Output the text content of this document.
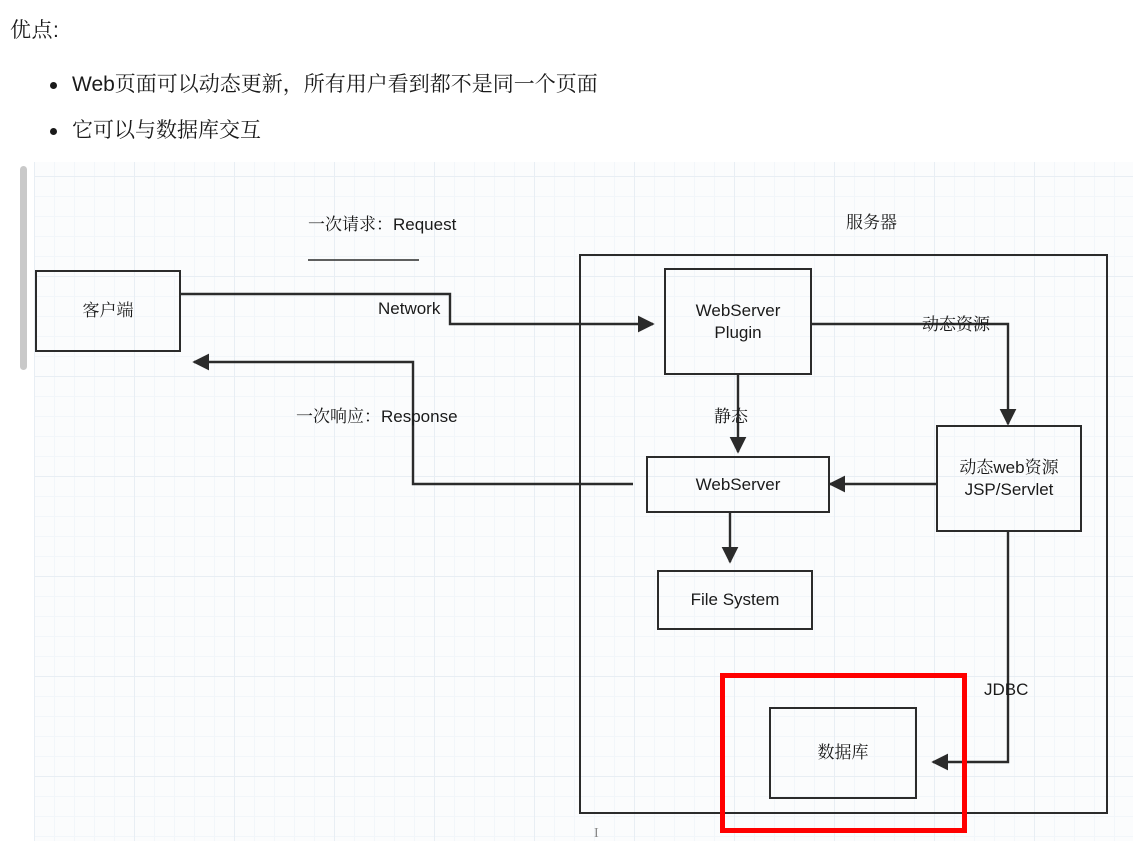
优点:
Web页面可以动态更新，所有用户看到都不是同一个页面
它可以与数据库交互
一次请求：Request
Network
一次响应：Response
服务器
静态
动态资源
JDBC
客户端	WebServer
Plugin
WebServer
File System
动态web资源
JSP/Servlet
数据库
I
